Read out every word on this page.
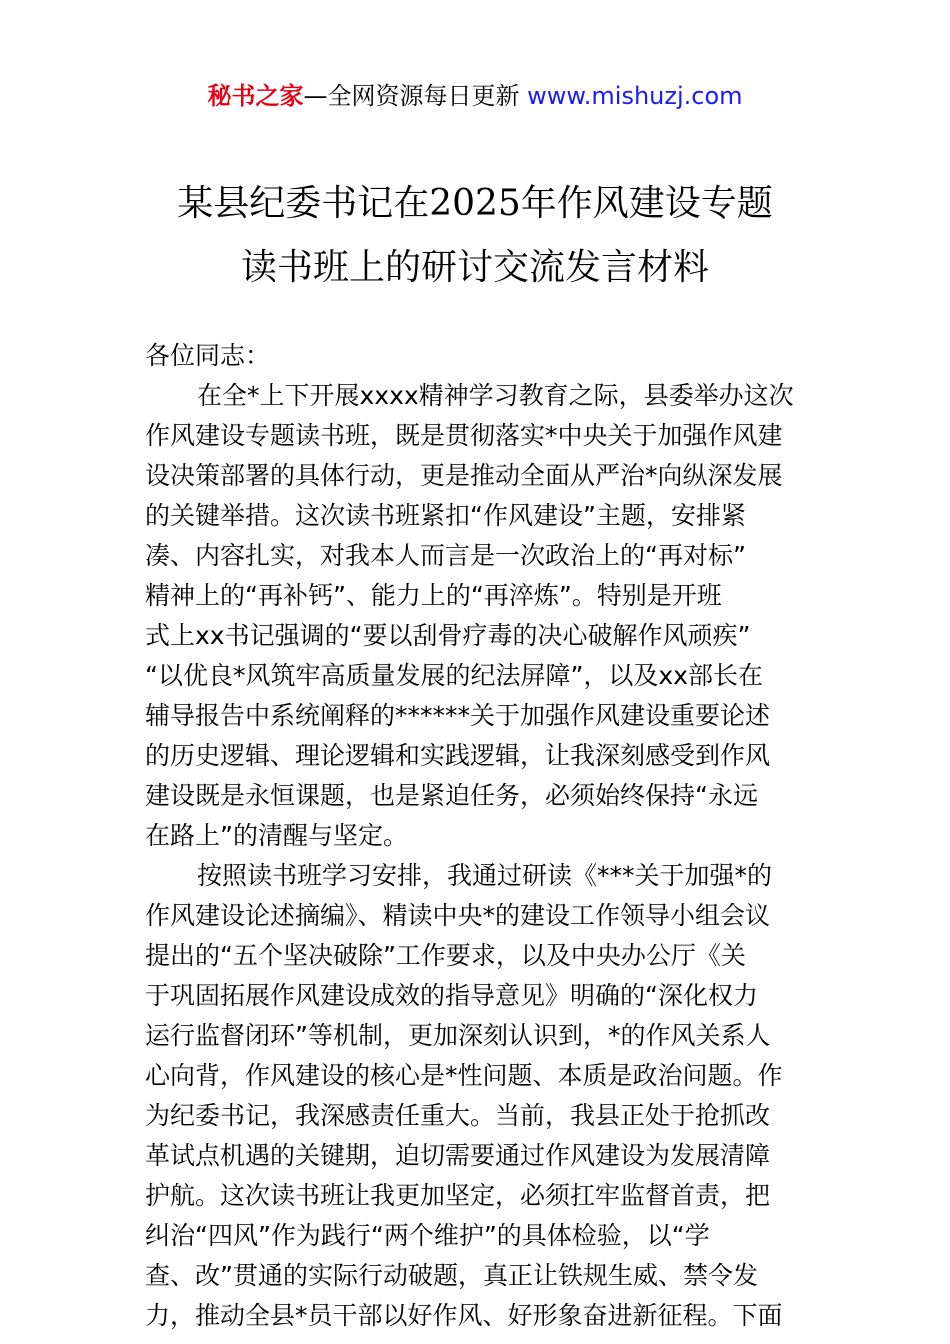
秘书之家—全网资源每日更新 www.mishuzj.com
某县纪委书记在2025年作风建设专题
读书班上的研讨交流发言材料
各位同志：
在全*上下开展xxxx精神学习教育之际，县委举办这次
作风建设专题读书班，既是贯彻落实*中央关于加强作风建
设决策部署的具体行动，更是推动全面从严治*向纵深发展
的关键举措。这次读书班紧扣“作风建设”主题，安排紧
凑、内容扎实，对我本人而言是一次政治上的“再对标”
精神上的“再补钙”、能力上的“再淬炼”。特别是开班
式上xx书记强调的“要以刮骨疗毒的决心破解作风顽疾”
“以优良*风筑牢高质量发展的纪法屏障”，以及xx部长在
辅导报告中系统阐释的******关于加强作风建设重要论述
的历史逻辑、理论逻辑和实践逻辑，让我深刻感受到作风
建设既是永恒课题，也是紧迫任务，必须始终保持“永远
在路上”的清醒与坚定。
按照读书班学习安排，我通过研读《***关于加强*的
作风建设论述摘编》、精读中央*的建设工作领导小组会议
提出的“五个坚决破除”工作要求，以及中央办公厅《关
于巩固拓展作风建设成效的指导意见》明确的“深化权力
运行监督闭环”等机制，更加深刻认识到，*的作风关系人
心向背，作风建设的核心是*性问题、本质是政治问题。作
为纪委书记，我深感责任重大。当前，我县正处于抢抓改
革试点机遇的关键期，迫切需要通过作风建设为发展清障
护航。这次读书班让我更加坚定，必须扛牢监督首责，把
纠治“四风”作为践行“两个维护”的具体检验，以“学
查、改”贯通的实际行动破题，真正让铁规生威、禁令发
力，推动全县*员干部以好作风、好形象奋进新征程。下面
